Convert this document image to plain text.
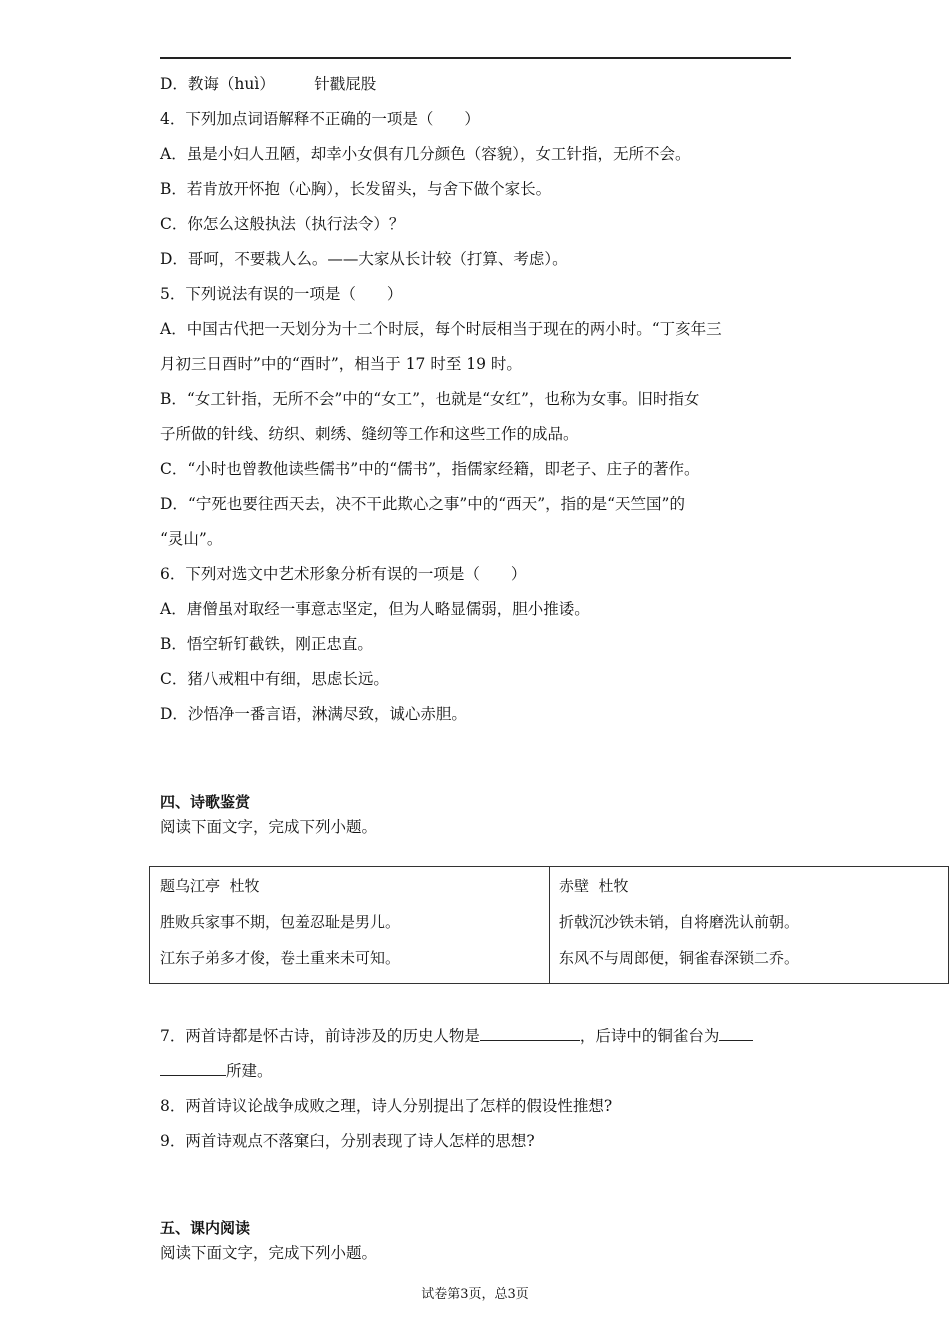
D．教诲（huì）        针戳屁股
4．下列加点词语解释不正确的一项是（　　）
A．虽是小妇人丑陋，却幸小女俱有几分颜色（容貌），女工针指，无所不会。
B．若肯放开怀抱（心胸），长发留头，与舍下做个家长。
C．你怎么这般执法（执行法令）？
D．哥呵，不要栽人么。——大家从长计较（打算、考虑）。
5．下列说法有误的一项是（　　）
A．中国古代把一天划分为十二个时辰，每个时辰相当于现在的两小时。“丁亥年三
月初三日酉时”中的“酉时”，相当于 17 时至 19 时。
B．“女工针指，无所不会”中的“女工”，也就是“女红”，也称为女事。旧时指女
子所做的针线、纺织、刺绣、缝纫等工作和这些工作的成品。
C．“小时也曾教他读些儒书”中的“儒书”，指儒家经籍，即老子、庄子的著作。
D．“宁死也要往西天去，决不干此欺心之事”中的“西天”，指的是“天竺国”的
“灵山”。
6．下列对选文中艺术形象分析有误的一项是（　　）
A．唐僧虽对取经一事意志坚定，但为人略显儒弱，胆小推诿。
B．悟空斩钉截铁，刚正忠直。
C．猪八戒粗中有细，思虑长远。
D．沙悟净一番言语，淋满尽致，诚心赤胆。
四、诗歌鉴赏
阅读下面文字，完成下列小题。
题乌江亭  杜牧
胜败兵家事不期，包羞忍耻是男儿。
江东子弟多才俊，卷土重来未可知。
赤壁  杜牧
折戟沉沙铁未销，自将磨洗认前朝。
东风不与周郎便，铜雀春深锁二乔。
7．两首诗都是怀古诗，前诗涉及的历史人物是	，后诗中的铜雀台为
所建。
8．两首诗议论战争成败之理，诗人分别提出了怎样的假设性推想?
9．两首诗观点不落窠臼，分别表现了诗人怎样的思想?
五、课内阅读
阅读下面文字，完成下列小题。
试卷第3页，总3页
